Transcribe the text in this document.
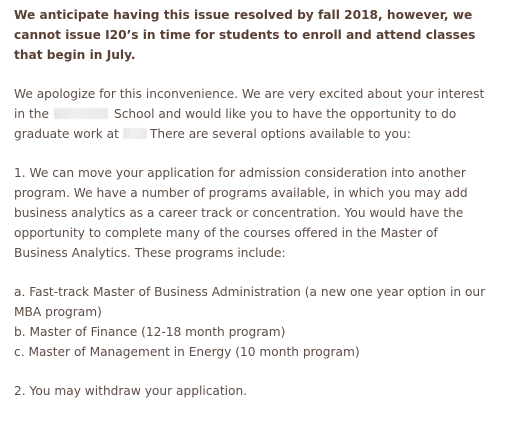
We anticipate having this issue resolved by fall 2018, however, we
cannot issue I20’s in time for students to enroll and attend classes
that begin in July.
We apologize for this inconvenience. We are very excited about your interest
in the	School and would like you to have the opportunity to do
graduate work at	There are several options available to you:
1. We can move your application for admission consideration into another
program. We have a number of programs available, in which you may add
business analytics as a career track or concentration. You would have the
opportunity to complete many of the courses offered in the Master of
Business Analytics. These programs include:
a. Fast-track Master of Business Administration (a new one year option in our
MBA program)
b. Master of Finance (12-18 month program)
c. Master of Management in Energy (10 month program)
2. You may withdraw your application.
